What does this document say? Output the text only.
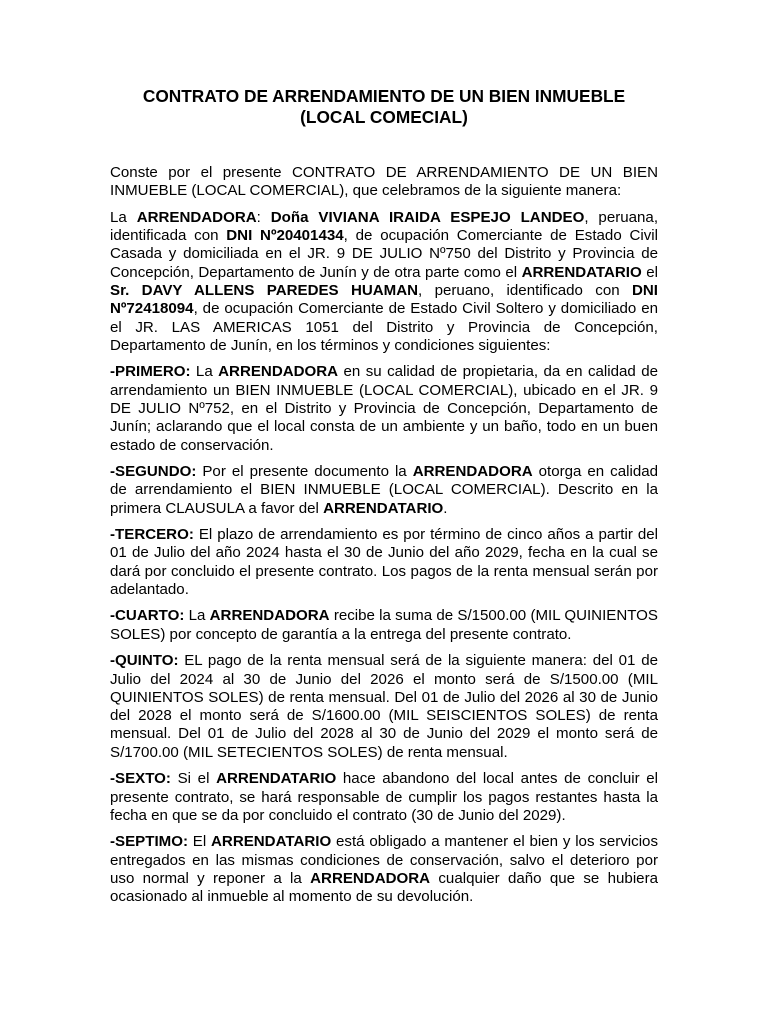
CONTRATO DE ARRENDAMIENTO DE UN BIEN INMUEBLE
(LOCAL COMECIAL)

Conste por el presente CONTRATO DE ARRENDAMIENTO DE UN BIEN INMUEBLE (LOCAL COMERCIAL), que celebramos de la siguiente manera:

La ARRENDADORA: Doña VIVIANA IRAIDA ESPEJO LANDEO, peruana, identificada con DNI Nº20401434, de ocupación Comerciante de Estado Civil Casada y domiciliada en el JR. 9 DE JULIO Nº750 del Distrito y Provincia de Concepción, Departamento de Junín y de otra parte como el ARRENDATARIO el Sr. DAVY ALLENS PAREDES HUAMAN, peruano, identificado con DNI Nº72418094, de ocupación Comerciante de Estado Civil Soltero y domiciliado en el JR. LAS AMERICAS 1051 del Distrito y Provincia de Concepción, Departamento de Junín, en los términos y condiciones siguientes:

-PRIMERO: La ARRENDADORA en su calidad de propietaria, da en calidad de arrendamiento un BIEN INMUEBLE (LOCAL COMERCIAL), ubicado en el JR. 9 DE JULIO Nº752, en el Distrito y Provincia de Concepción, Departamento de Junín; aclarando que el local consta de un ambiente y un baño, todo en un buen estado de conservación.

-SEGUNDO: Por el presente documento la ARRENDADORA otorga en calidad de arrendamiento el BIEN INMUEBLE (LOCAL COMERCIAL). Descrito en la primera CLAUSULA a favor del ARRENDATARIO.

-TERCERO: El plazo de arrendamiento es por término de cinco años a partir del 01 de Julio del año 2024 hasta el 30 de Junio del año 2029, fecha en la cual se dará por concluido el presente contrato. Los pagos de la renta mensual serán por adelantado.

-CUARTO: La ARRENDADORA recibe la suma de S/1500.00 (MIL QUINIENTOS SOLES) por concepto de garantía a la entrega del presente contrato.

-QUINTO: EL pago de la renta mensual será de la siguiente manera: del 01 de Julio del 2024 al 30 de Junio del 2026 el monto será de S/1500.00 (MIL QUINIENTOS SOLES) de renta mensual. Del 01 de Julio del 2026 al 30 de Junio del 2028 el monto será de S/1600.00 (MIL SEISCIENTOS SOLES) de renta mensual. Del 01 de Julio del 2028 al 30 de Junio del 2029 el monto será de S/1700.00 (MIL SETECIENTOS SOLES) de renta mensual.

-SEXTO: Si el ARRENDATARIO hace abandono del local antes de concluir el presente contrato, se hará responsable de cumplir los pagos restantes hasta la fecha en que se da por concluido el contrato (30 de Junio del 2029).

-SEPTIMO: El ARRENDATARIO está obligado a mantener el bien y los servicios entregados en las mismas condiciones de conservación, salvo el deterioro por uso normal y reponer a la ARRENDADORA cualquier daño que se hubiera ocasionado al inmueble al momento de su devolución.
